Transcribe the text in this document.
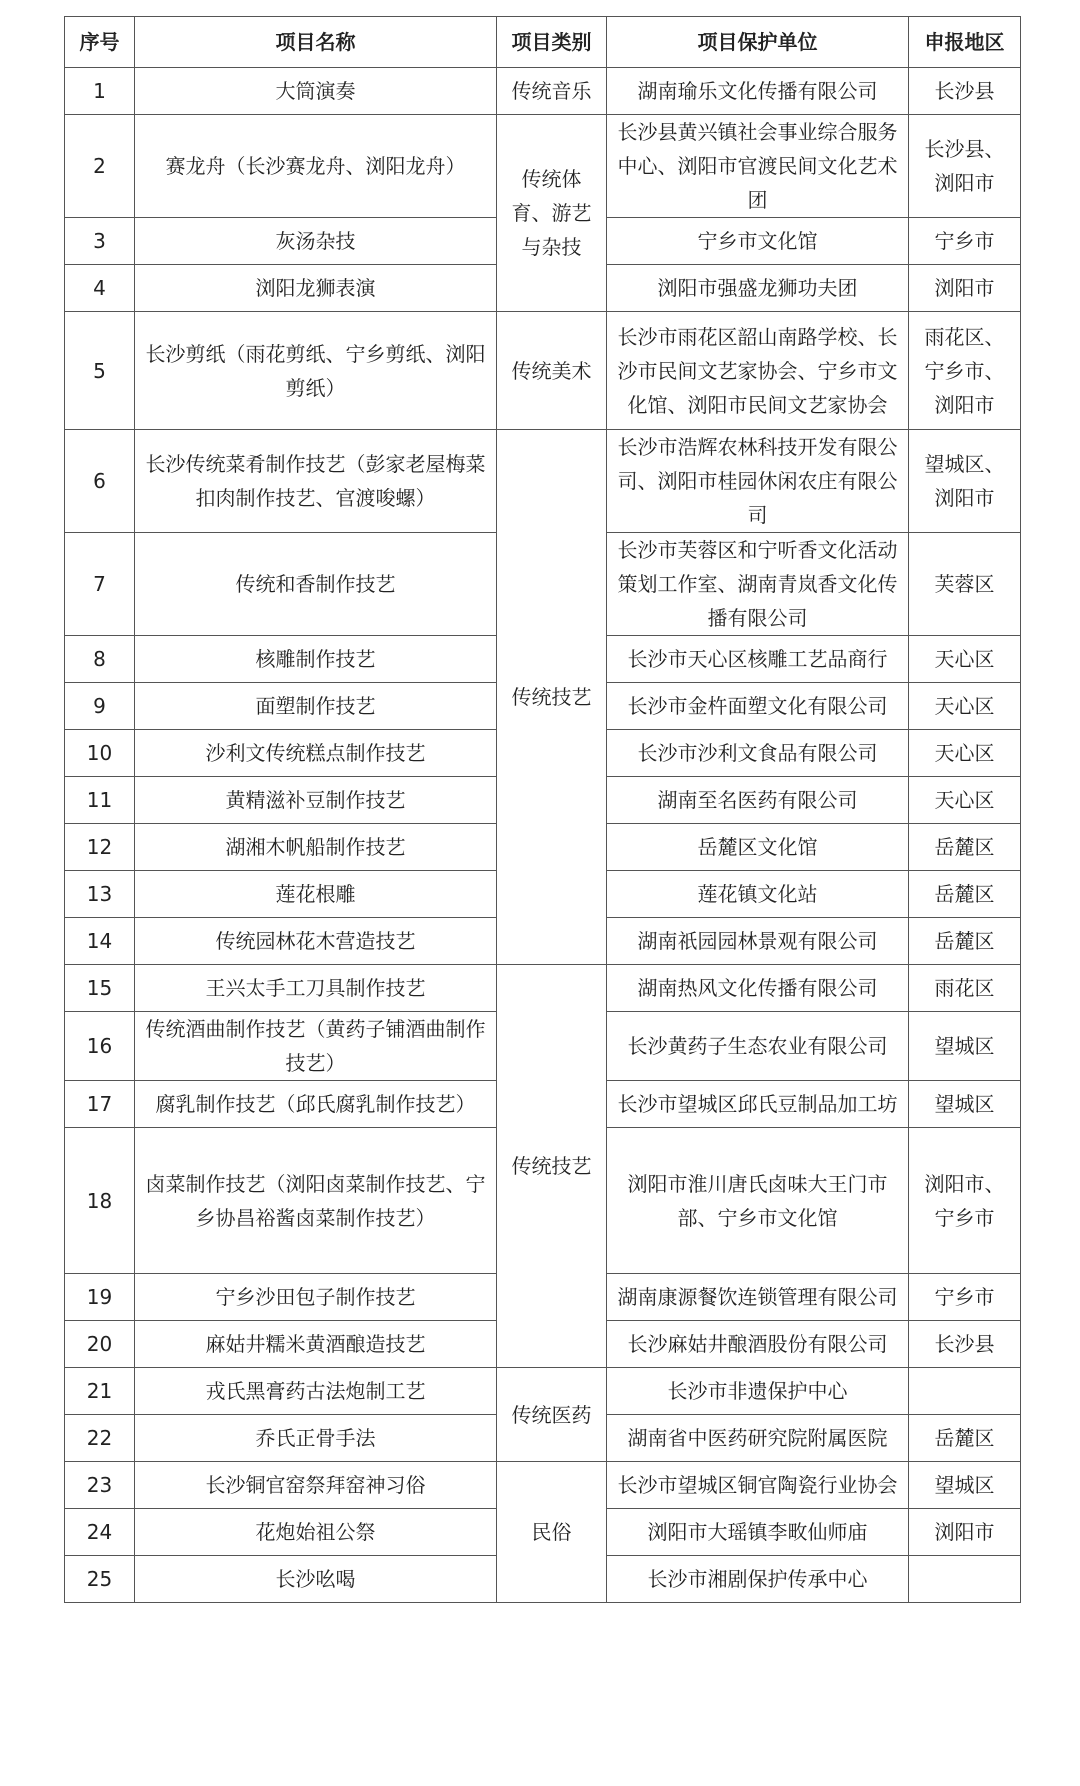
序号	项目名称	项目类别	项目保护单位	申报地区
1	大筒演奏	传统音乐	湖南瑜乐文化传播有限公司	长沙县
2	赛龙舟（长沙赛龙舟、浏阳龙舟）	传统体育、游艺与杂技	长沙县黄兴镇社会事业综合服务中心、浏阳市官渡民间文化艺术团	长沙县、浏阳市
3	灰汤杂技		宁乡市文化馆	宁乡市
4	浏阳龙狮表演		浏阳市强盛龙狮功夫团	浏阳市
5	长沙剪纸（雨花剪纸、宁乡剪纸、浏阳剪纸）	传统美术	长沙市雨花区韶山南路学校、长沙市民间文艺家协会、宁乡市文化馆、浏阳市民间文艺家协会	雨花区、宁乡市、浏阳市
6	长沙传统菜肴制作技艺（彭家老屋梅菜扣肉制作技艺、官渡唆螺）	传统技艺	长沙市浩辉农林科技开发有限公司、浏阳市桂园休闲农庄有限公司	望城区、浏阳市
7	传统和香制作技艺		长沙市芙蓉区和宁听香文化活动策划工作室、湖南青岚香文化传播有限公司	芙蓉区
8	核雕制作技艺		长沙市天心区核雕工艺品商行	天心区
9	面塑制作技艺		长沙市金杵面塑文化有限公司	天心区
10	沙利文传统糕点制作技艺		长沙市沙利文食品有限公司	天心区
11	黄精滋补豆制作技艺		湖南至名医药有限公司	天心区
12	湖湘木帆船制作技艺		岳麓区文化馆	岳麓区
13	莲花根雕		莲花镇文化站	岳麓区
14	传统园林花木营造技艺		湖南祇园园林景观有限公司	岳麓区
15	王兴太手工刀具制作技艺	传统技艺	湖南热风文化传播有限公司	雨花区
16	传统酒曲制作技艺（黄药子铺酒曲制作技艺）		长沙黄药子生态农业有限公司	望城区
17	腐乳制作技艺（邱氏腐乳制作技艺）		长沙市望城区邱氏豆制品加工坊	望城区
18	卤菜制作技艺（浏阳卤菜制作技艺、宁乡协昌裕酱卤菜制作技艺）		浏阳市淮川唐氏卤味大王门市部、宁乡市文化馆	浏阳市、宁乡市
19	宁乡沙田包子制作技艺		湖南康源餐饮连锁管理有限公司	宁乡市
20	麻姑井糯米黄酒酿造技艺		长沙麻姑井酿酒股份有限公司	长沙县
21	戎氏黑膏药古法炮制工艺	传统医药	长沙市非遗保护中心	
22	乔氏正骨手法		湖南省中医药研究院附属医院	岳麓区
23	长沙铜官窑祭拜窑神习俗	民俗	长沙市望城区铜官陶瓷行业协会	望城区
24	花炮始祖公祭		浏阳市大瑶镇李畋仙师庙	浏阳市
25	长沙吆喝		长沙市湘剧保护传承中心	
